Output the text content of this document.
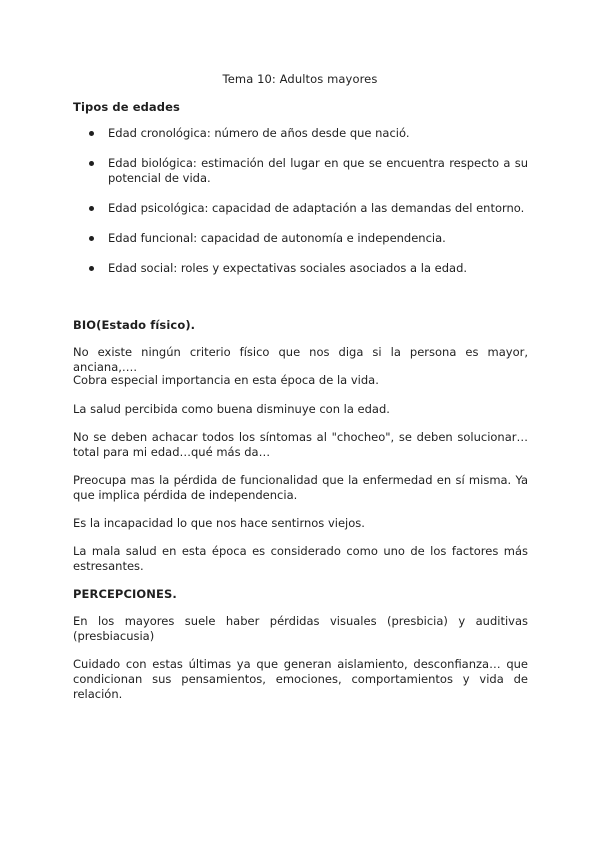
Tema 10: Adultos mayores
Tipos de edades
Edad cronológica: número de años desde que nació.
Edad biológica: estimación del lugar en que se encuentra respecto a su potencial de vida.
Edad psicológica: capacidad de adaptación a las demandas del entorno.
Edad funcional: capacidad de autonomía e independencia.
Edad social: roles y expectativas sociales asociados a la edad.
BIO(Estado físico).

No existe ningún criterio físico que nos diga si la persona es mayor, anciana,….

Cobra especial importancia en esta época de la vida.

La salud percibida como buena disminuye con la edad.

No se deben achacar todos los síntomas al "chocheo", se deben solucionar…total para mi edad…qué más da…

Preocupa mas la pérdida de funcionalidad que la enfermedad en sí misma. Ya que implica pérdida de independencia.

Es la incapacidad lo que nos hace sentirnos viejos.

La mala salud en esta época es considerado como uno de los factores más estresantes.

PERCEPCIONES.

En los mayores suele haber pérdidas visuales (presbicia) y auditivas (presbiacusia)

Cuidado con estas últimas ya que generan aislamiento, desconfianza… que condicionan sus pensamientos, emociones, comportamientos y vida de relación.
